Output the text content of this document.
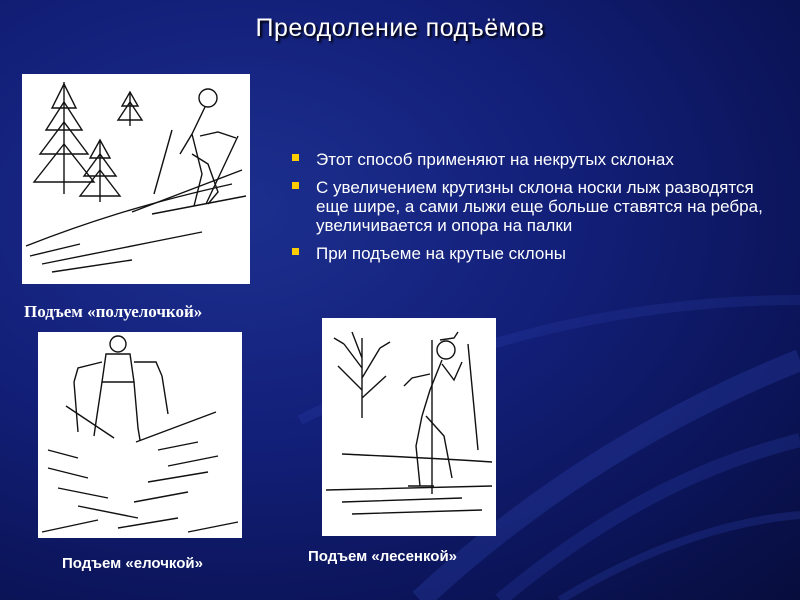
Преодоление подъёмов
Этот способ применяют на некрутых склонах
С увеличением крутизны склона носки лыж разводятся еще шире, а сами лыжи еще больше ставятся на ребра, увеличивается и опора на палки
При подъеме на крутые склоны
Подъем «полуелочкой»
Подъем «елочкой»	Подъем «лесенкой»
